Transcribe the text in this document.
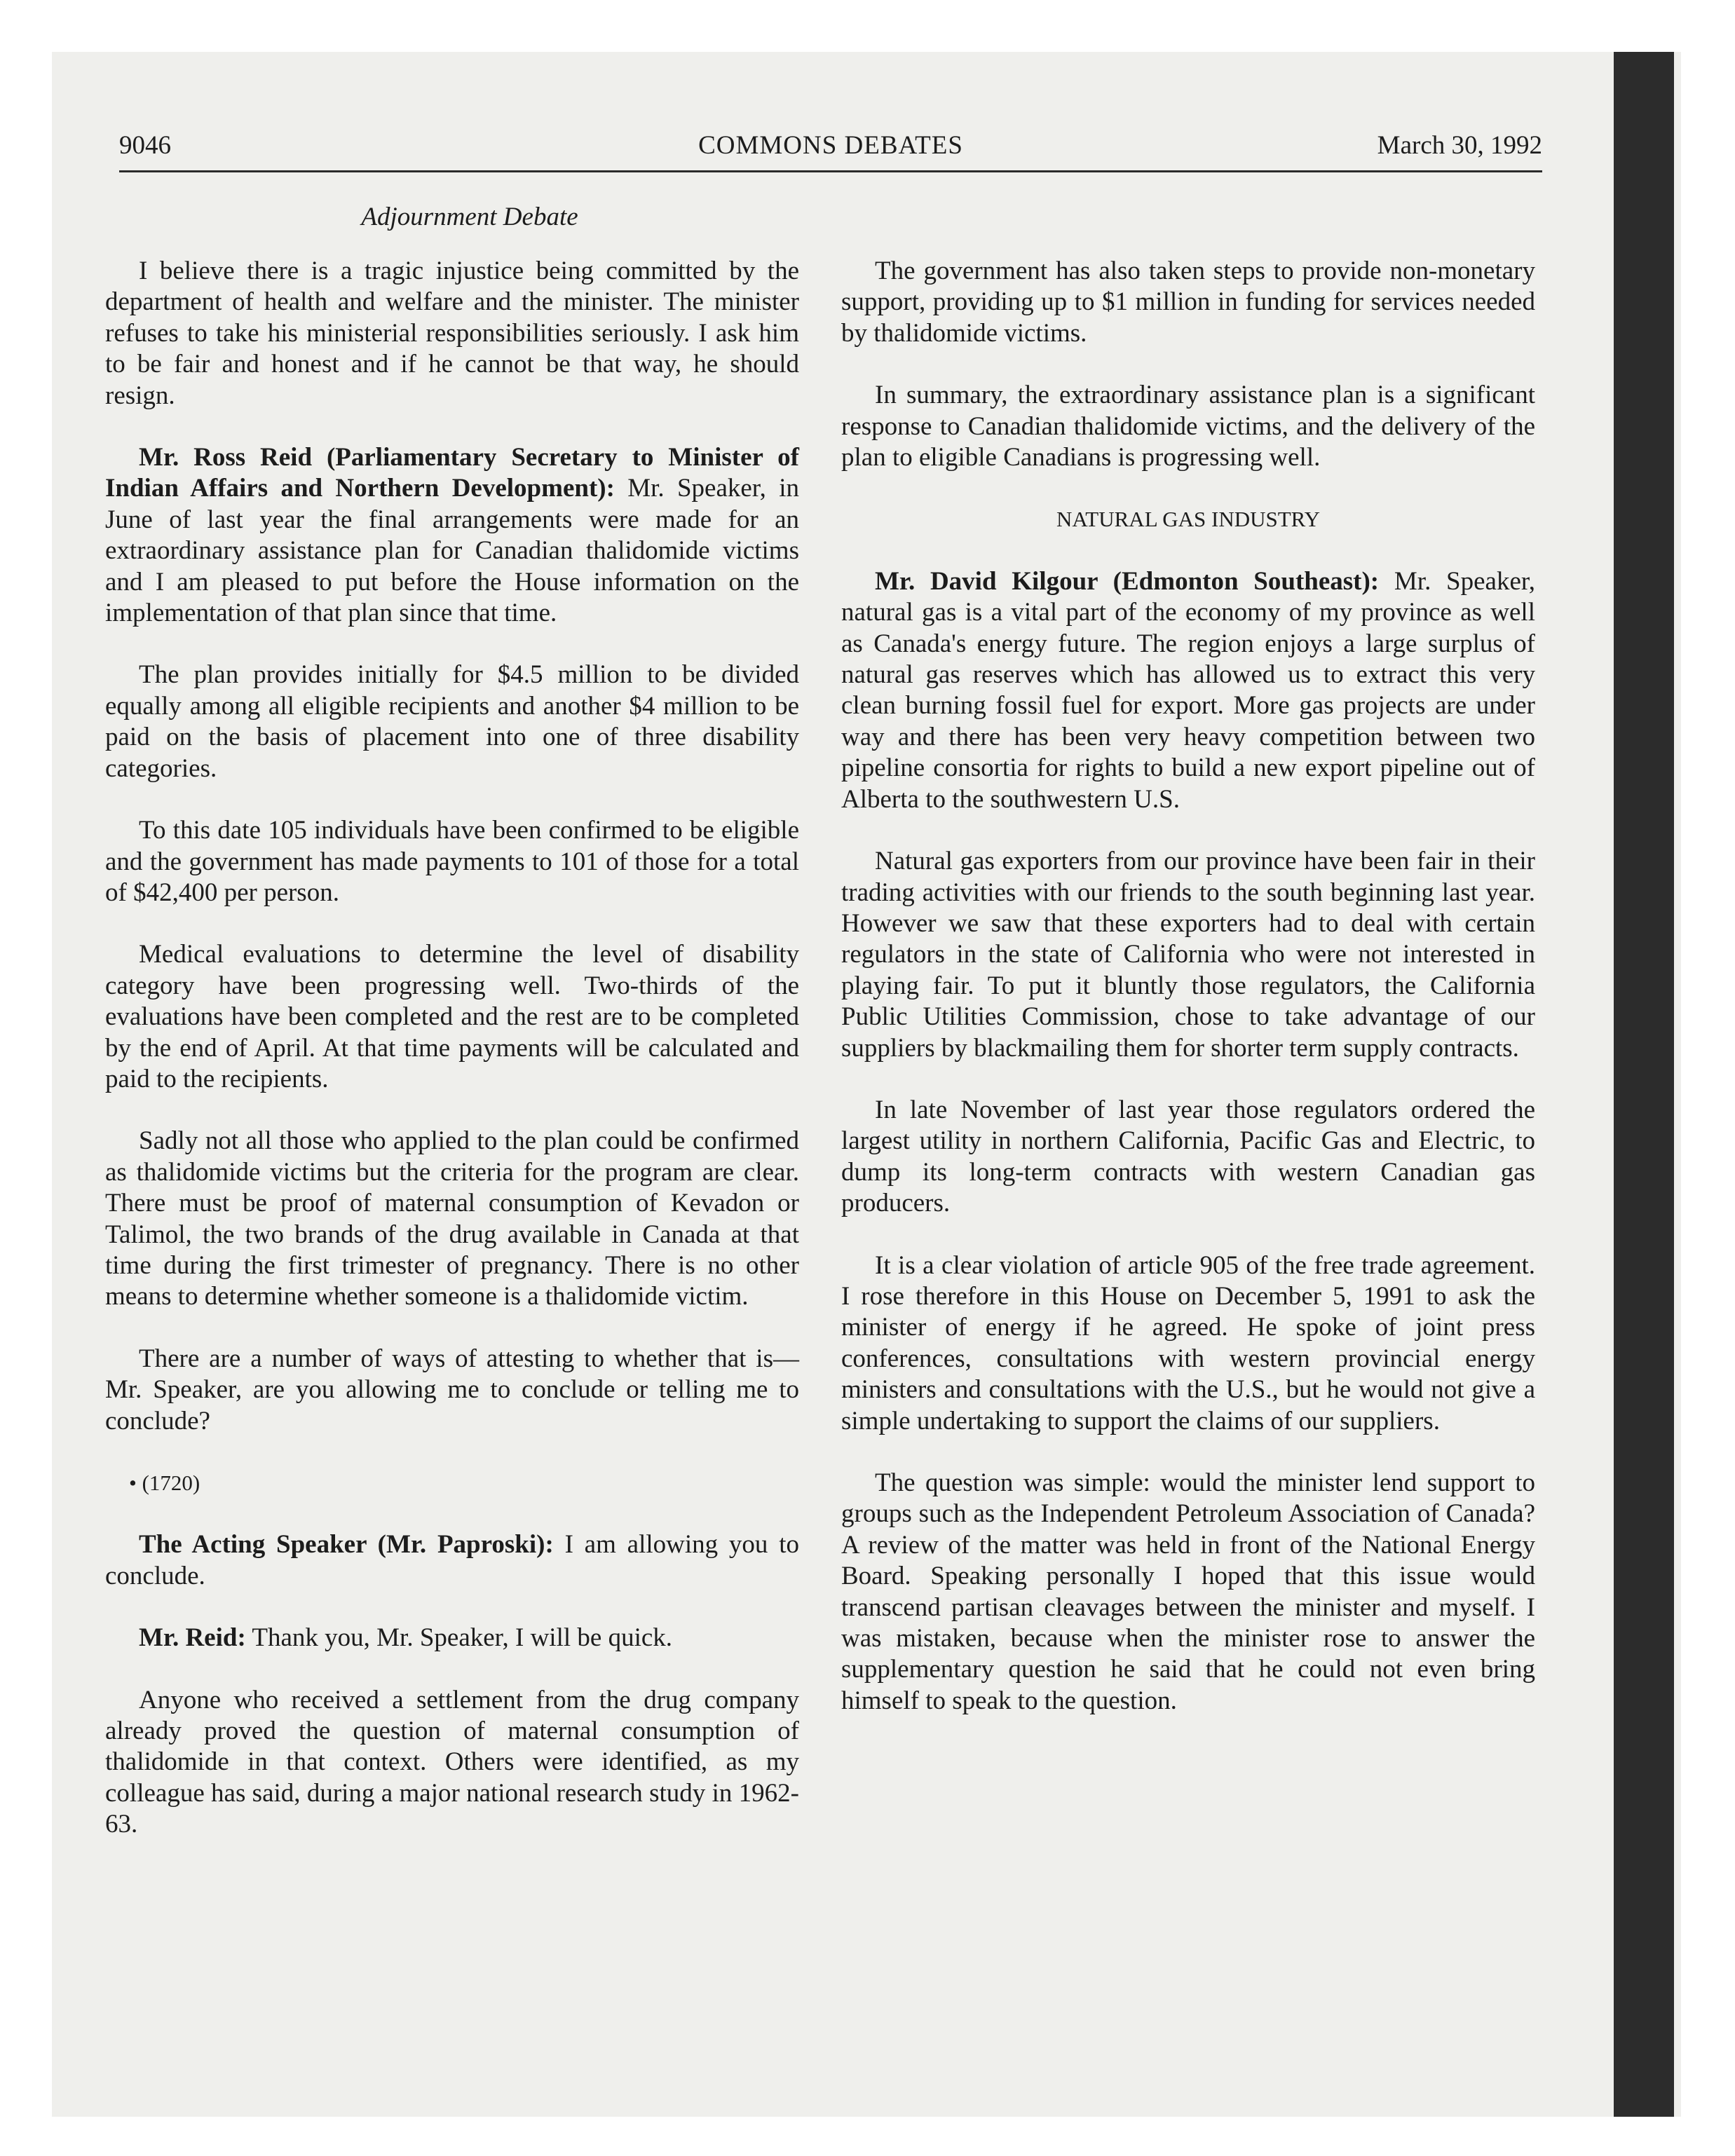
9046	COMMONS DEBATES	March 30, 1992
Adjournment Debate

I believe there is a tragic injustice being committed by the department of health and welfare and the minister. The minister refuses to take his ministerial responsibilities seriously. I ask him to be fair and honest and if he cannot be that way, he should resign.

Mr. Ross Reid (Parliamentary Secretary to Minister of Indian Affairs and Northern Development): Mr. Speaker, in June of last year the final arrangements were made for an extraordinary assistance plan for Canadian thalidomide victims and I am pleased to put before the House information on the implementation of that plan since that time.

The plan provides initially for $4.5 million to be divided equally among all eligible recipients and another $4 million to be paid on the basis of placement into one of three disability categories.

To this date 105 individuals have been confirmed to be eligible and the government has made payments to 101 of those for a total of $42,400 per person.

Medical evaluations to determine the level of disability category have been progressing well. Two-thirds of the evaluations have been completed and the rest are to be completed by the end of April. At that time payments will be calculated and paid to the recipients.

Sadly not all those who applied to the plan could be confirmed as thalidomide victims but the criteria for the program are clear. There must be proof of maternal consumption of Kevadon or Talimol, the two brands of the drug available in Canada at that time during the first trimester of pregnancy. There is no other means to determine whether someone is a thalidomide victim.

There are a number of ways of attesting to whether that is—Mr. Speaker, are you allowing me to conclude or telling me to conclude?

• (1720)

The Acting Speaker (Mr. Paproski): I am allowing you to conclude.

Mr. Reid: Thank you, Mr. Speaker, I will be quick.

Anyone who received a settlement from the drug company already proved the question of maternal consumption of thalidomide in that context. Others were identified, as my colleague has said, during a major national research study in 1962-63.

The government has also taken steps to provide non-monetary support, providing up to $1 million in funding for services needed by thalidomide victims.

In summary, the extraordinary assistance plan is a significant response to Canadian thalidomide victims, and the delivery of the plan to eligible Canadians is progressing well.

NATURAL GAS INDUSTRY

Mr. David Kilgour (Edmonton Southeast): Mr. Speaker, natural gas is a vital part of the economy of my province as well as Canada's energy future. The region enjoys a large surplus of natural gas reserves which has allowed us to extract this very clean burning fossil fuel for export. More gas projects are under way and there has been very heavy competition between two pipeline consortia for rights to build a new export pipeline out of Alberta to the southwestern U.S.

Natural gas exporters from our province have been fair in their trading activities with our friends to the south beginning last year. However we saw that these exporters had to deal with certain regulators in the state of California who were not interested in playing fair. To put it bluntly those regulators, the California Public Utilities Commission, chose to take advantage of our suppliers by blackmailing them for shorter term supply contracts.

In late November of last year those regulators ordered the largest utility in northern California, Pacific Gas and Electric, to dump its long-term contracts with western Canadian gas producers.

It is a clear violation of article 905 of the free trade agreement. I rose therefore in this House on December 5, 1991 to ask the minister of energy if he agreed. He spoke of joint press conferences, consultations with western provincial energy ministers and consultations with the U.S., but he would not give a simple undertaking to support the claims of our suppliers.

The question was simple: would the minister lend support to groups such as the Independent Petroleum Association of Canada? A review of the matter was held in front of the National Energy Board. Speaking personally I hoped that this issue would transcend partisan cleavages between the minister and myself. I was mistaken, because when the minister rose to answer the supplementary question he said that he could not even bring himself to speak to the question.
